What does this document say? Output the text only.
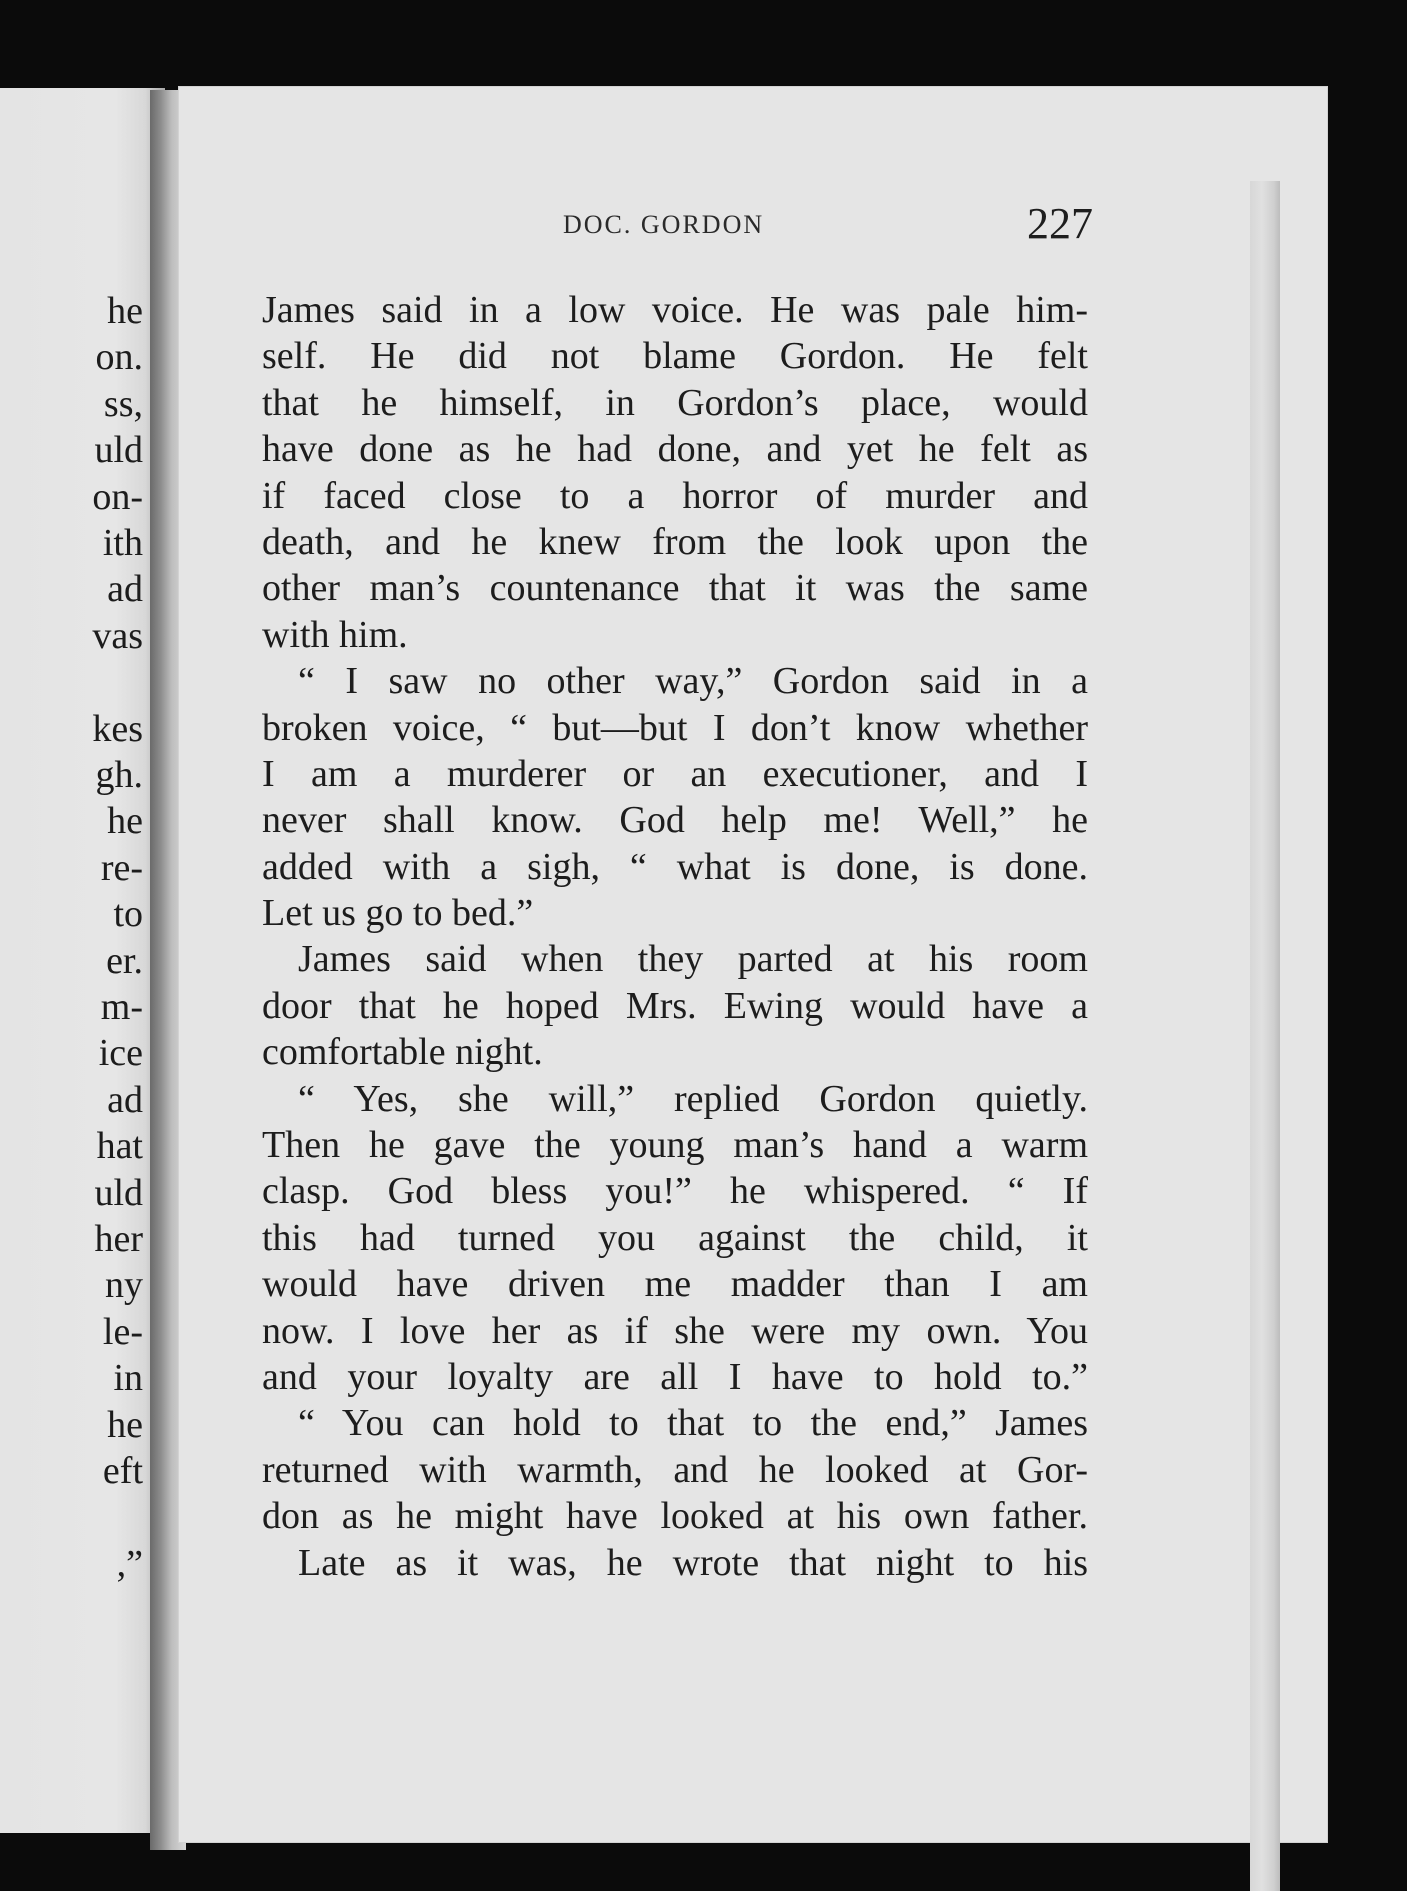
he
on.
ss,
uld
on-
ith
ad
vas
kes
gh.
he
re-
to
er.
m-
ice
ad
hat
uld
her
ny
le-
in
he
eft
,”
DOC. GORDON	227
James said in a low voice. He was pale him-
self. He did not blame Gordon. He felt
that he himself, in Gordon’s place, would
have done as he had done, and yet he felt as
if faced close to a horror of murder and
death, and he knew from the look upon the
other man’s countenance that it was the same
with him.
“ I saw no other way,” Gordon said in a
broken voice, “ but—but I don’t know whether
I am a murderer or an executioner, and I
never shall know. God help me! Well,” he
added with a sigh, “ what is done, is done.
Let us go to bed.”
James said when they parted at his room
door that he hoped Mrs. Ewing would have a
comfortable night.
“ Yes, she will,” replied Gordon quietly.
Then he gave the young man’s hand a warm
clasp. God bless you!” he whispered. “ If
this had turned you against the child, it
would have driven me madder than I am
now. I love her as if she were my own. You
and your loyalty are all I have to hold to.”
“ You can hold to that to the end,” James
returned with warmth, and he looked at Gor-
don as he might have looked at his own father.
Late as it was, he wrote that night to his
